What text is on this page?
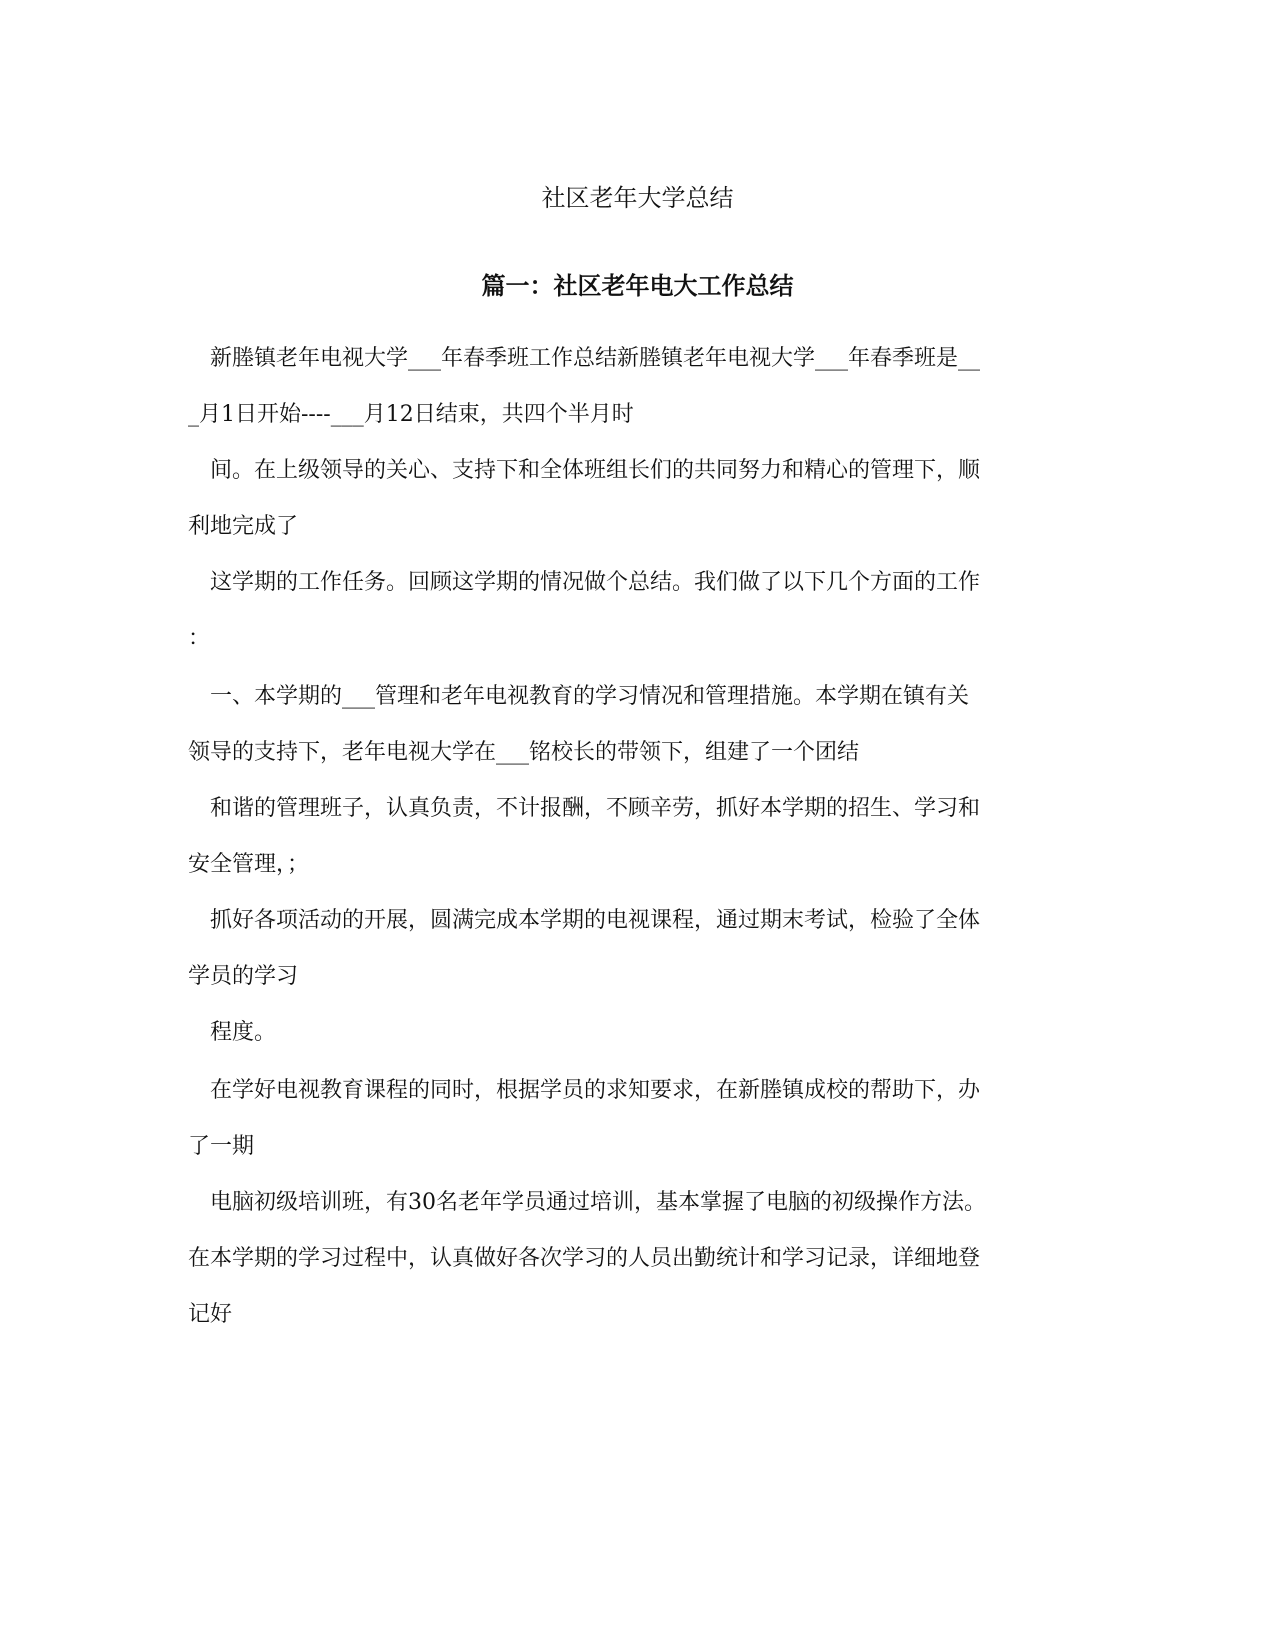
社区老年大学总结
篇一：社区老年电大工作总结
新塍镇老年电视大学___年春季班工作总结新塍镇老年电视大学___年春季班是__
_月1日开始----___月12日结束，共四个半月时
间。在上级领导的关心、支持下和全体班组长们的共同努力和精心的管理下，顺
利地完成了
这学期的工作任务。回顾这学期的情况做个总结。我们做了以下几个方面的工作
：
一、本学期的___管理和老年电视教育的学习情况和管理措施。本学期在镇有关
领导的支持下，老年电视大学在___铭校长的带领下，组建了一个团结
和谐的管理班子，认真负责，不计报酬，不顾辛劳，抓好本学期的招生、学习和
安全管理，；
抓好各项活动的开展，圆满完成本学期的电视课程，通过期末考试，检验了全体
学员的学习
程度。
在学好电视教育课程的同时，根据学员的求知要求，在新塍镇成校的帮助下，办
了一期
电脑初级培训班，有30名老年学员通过培训，基本掌握了电脑的初级操作方法。
在本学期的学习过程中，认真做好各次学习的人员出勤统计和学习记录，详细地登
记好
